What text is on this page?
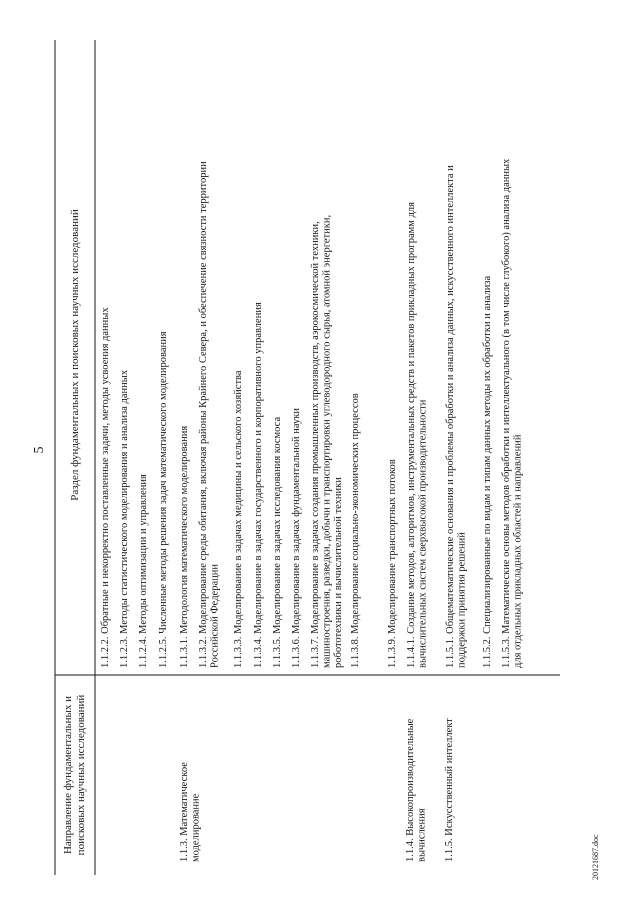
5
Направление фундаментальных и поисковых научных исследований
Раздел фундаментальных и поисковых научных исследований
1.1.3. Математическое моделирование	1.1.4. Высокопроизводительные вычисления 1.1.5. Искусственный интеллект
1.1.2.2. Обратные и некорректно поставленные задачи, методы усвоения данных 1.1.2.3. Методы статистического моделирования и анализа данных 1.1.2.4. Методы оптимизации и управления 1.1.2.5. Численные методы решения задач математического моделирования 1.1.3.1. Методология математического моделирования 1.1.3.2. Моделирование среды обитания, включая районы Крайнего Севера, и обеспечение связности территории Российской Федерации 1.1.3.3. Моделирование в задачах медицины и сельского хозяйства 1.1.3.4. Моделирование в задачах государственного и корпоративного управления 1.1.3.5. Моделирование в задачах исследования космоса 1.1.3.6. Моделирование в задачах фундаментальной науки 1.1.3.7. Моделирование в задачах создания промышленных производств, аэрокосмической техники, машиностроения, разведки, добычи и транспортировки углеводородного сырья, атомной энергетики, робототехники и вычислительной техники 1.1.3.8. Моделирование социально-экономических процессов 1.1.3.9. Моделирование транспортных потоков 1.1.4.1. Создание методов, алгоритмов, инструментальных средств и пакетов прикладных программ для вычислительных систем сверхвысокой производительности 1.1.5.1. Общематематические основания и проблемы обработки и анализа данных, искусственного интеллекта и поддержки принятия решений 1.1.5.2. Специализированные по видам и типам данных методы их обработки и анализа 1.1.5.3. Математические основы методов обработки и интеллектуального (в том числе глубокого) анализа данных для отдельных прикладных областей и направлений
20121687.doc
